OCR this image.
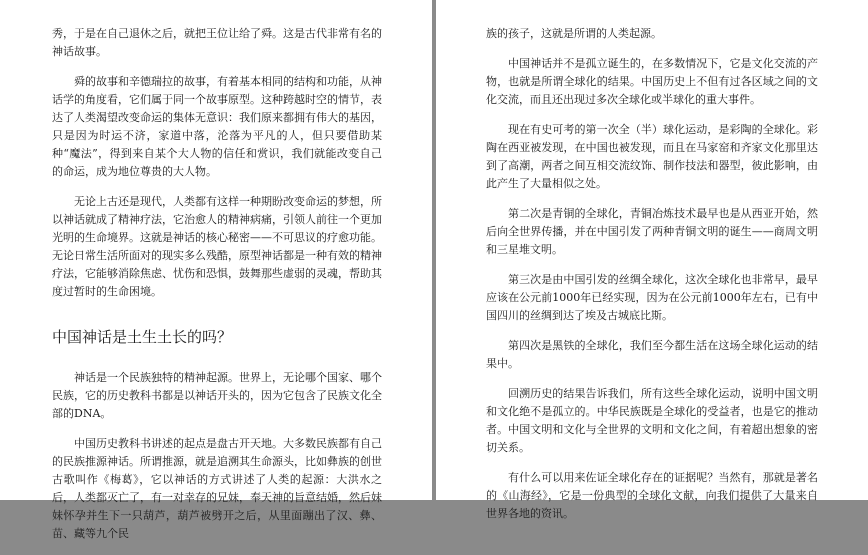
秀，于是在自己退休之后，就把王位让给了舜。这是古代非常有名的神话故事。

舜的故事和辛德瑞拉的故事，有着基本相同的结构和功能，从神话学的角度看，它们属于同一个故事原型。这种跨越时空的情节，表达了人类渴望改变命运的集体无意识：我们原来都拥有伟大的基因，只是因为时运不济，家道中落，沦落为平凡的人，但只要借助某种“魔法”，得到来自某个大人物的信任和赏识，我们就能改变自己的命运，成为地位尊贵的大人物。

无论上古还是现代，人类都有这样一种期盼改变命运的梦想，所以神话就成了精神疗法，它治愈人的精神病痛，引领人前往一个更加光明的生命境界。这就是神话的核心秘密——不可思议的疗愈功能。无论日常生活所面对的现实多么残酷，原型神话都是一种有效的精神疗法，它能够消除焦虑、忧伤和恐惧，鼓舞那些虚弱的灵魂，帮助其度过暂时的生命困境。

中国神话是土生土长的吗？

神话是一个民族独特的精神起源。世界上，无论哪个国家、哪个民族，它的历史教科书都是以神话开头的，因为它包含了民族文化全部的DNA。

中国历史教科书讲述的起点是盘古开天地。大多数民族都有自己的民族推源神话。所谓推源，就是追溯其生命源头，比如彝族的创世古歌叫作《梅葛》，它以神话的方式讲述了人类的起源：大洪水之后，人类都灭亡了，有一对幸存的兄妹，奉天神的旨意结婚，然后妹妹怀孕并生下一只葫芦，葫芦被劈开之后，从里面蹦出了汉、彝、苗、藏等九个民

族的孩子，这就是所谓的人类起源。

中国神话并不是孤立诞生的，在多数情况下，它是文化交流的产物，也就是所谓全球化的结果。中国历史上不但有过各区域之间的文化交流，而且还出现过多次全球化或半球化的重大事件。

现在有史可考的第一次全（半）球化运动，是彩陶的全球化。彩陶在西亚被发现，在中国也被发现，而且在马家窑和齐家文化那里达到了高潮，两者之间互相交流纹饰、制作技法和器型，彼此影响，由此产生了大量相似之处。

第二次是青铜的全球化，青铜冶炼技术最早也是从西亚开始，然后向全世界传播，并在中国引发了两种青铜文明的诞生——商周文明和三星堆文明。

第三次是由中国引发的丝绸全球化，这次全球化也非常早，最早应该在公元前1000年已经实现，因为在公元前1000年左右，已有中国四川的丝绸到达了埃及古城底比斯。

第四次是黑铁的全球化，我们至今都生活在这场全球化运动的结果中。

回溯历史的结果告诉我们，所有这些全球化运动，说明中国文明和文化绝不是孤立的。中华民族既是全球化的受益者，也是它的推动者。中国文明和文化与全世界的文明和文化之间，有着超出想象的密切关系。

有什么可以用来佐证全球化存在的证据呢？当然有，那就是著名的《山海经》，它是一份典型的全球化文献，向我们提供了大量来自世界各地的资讯。
